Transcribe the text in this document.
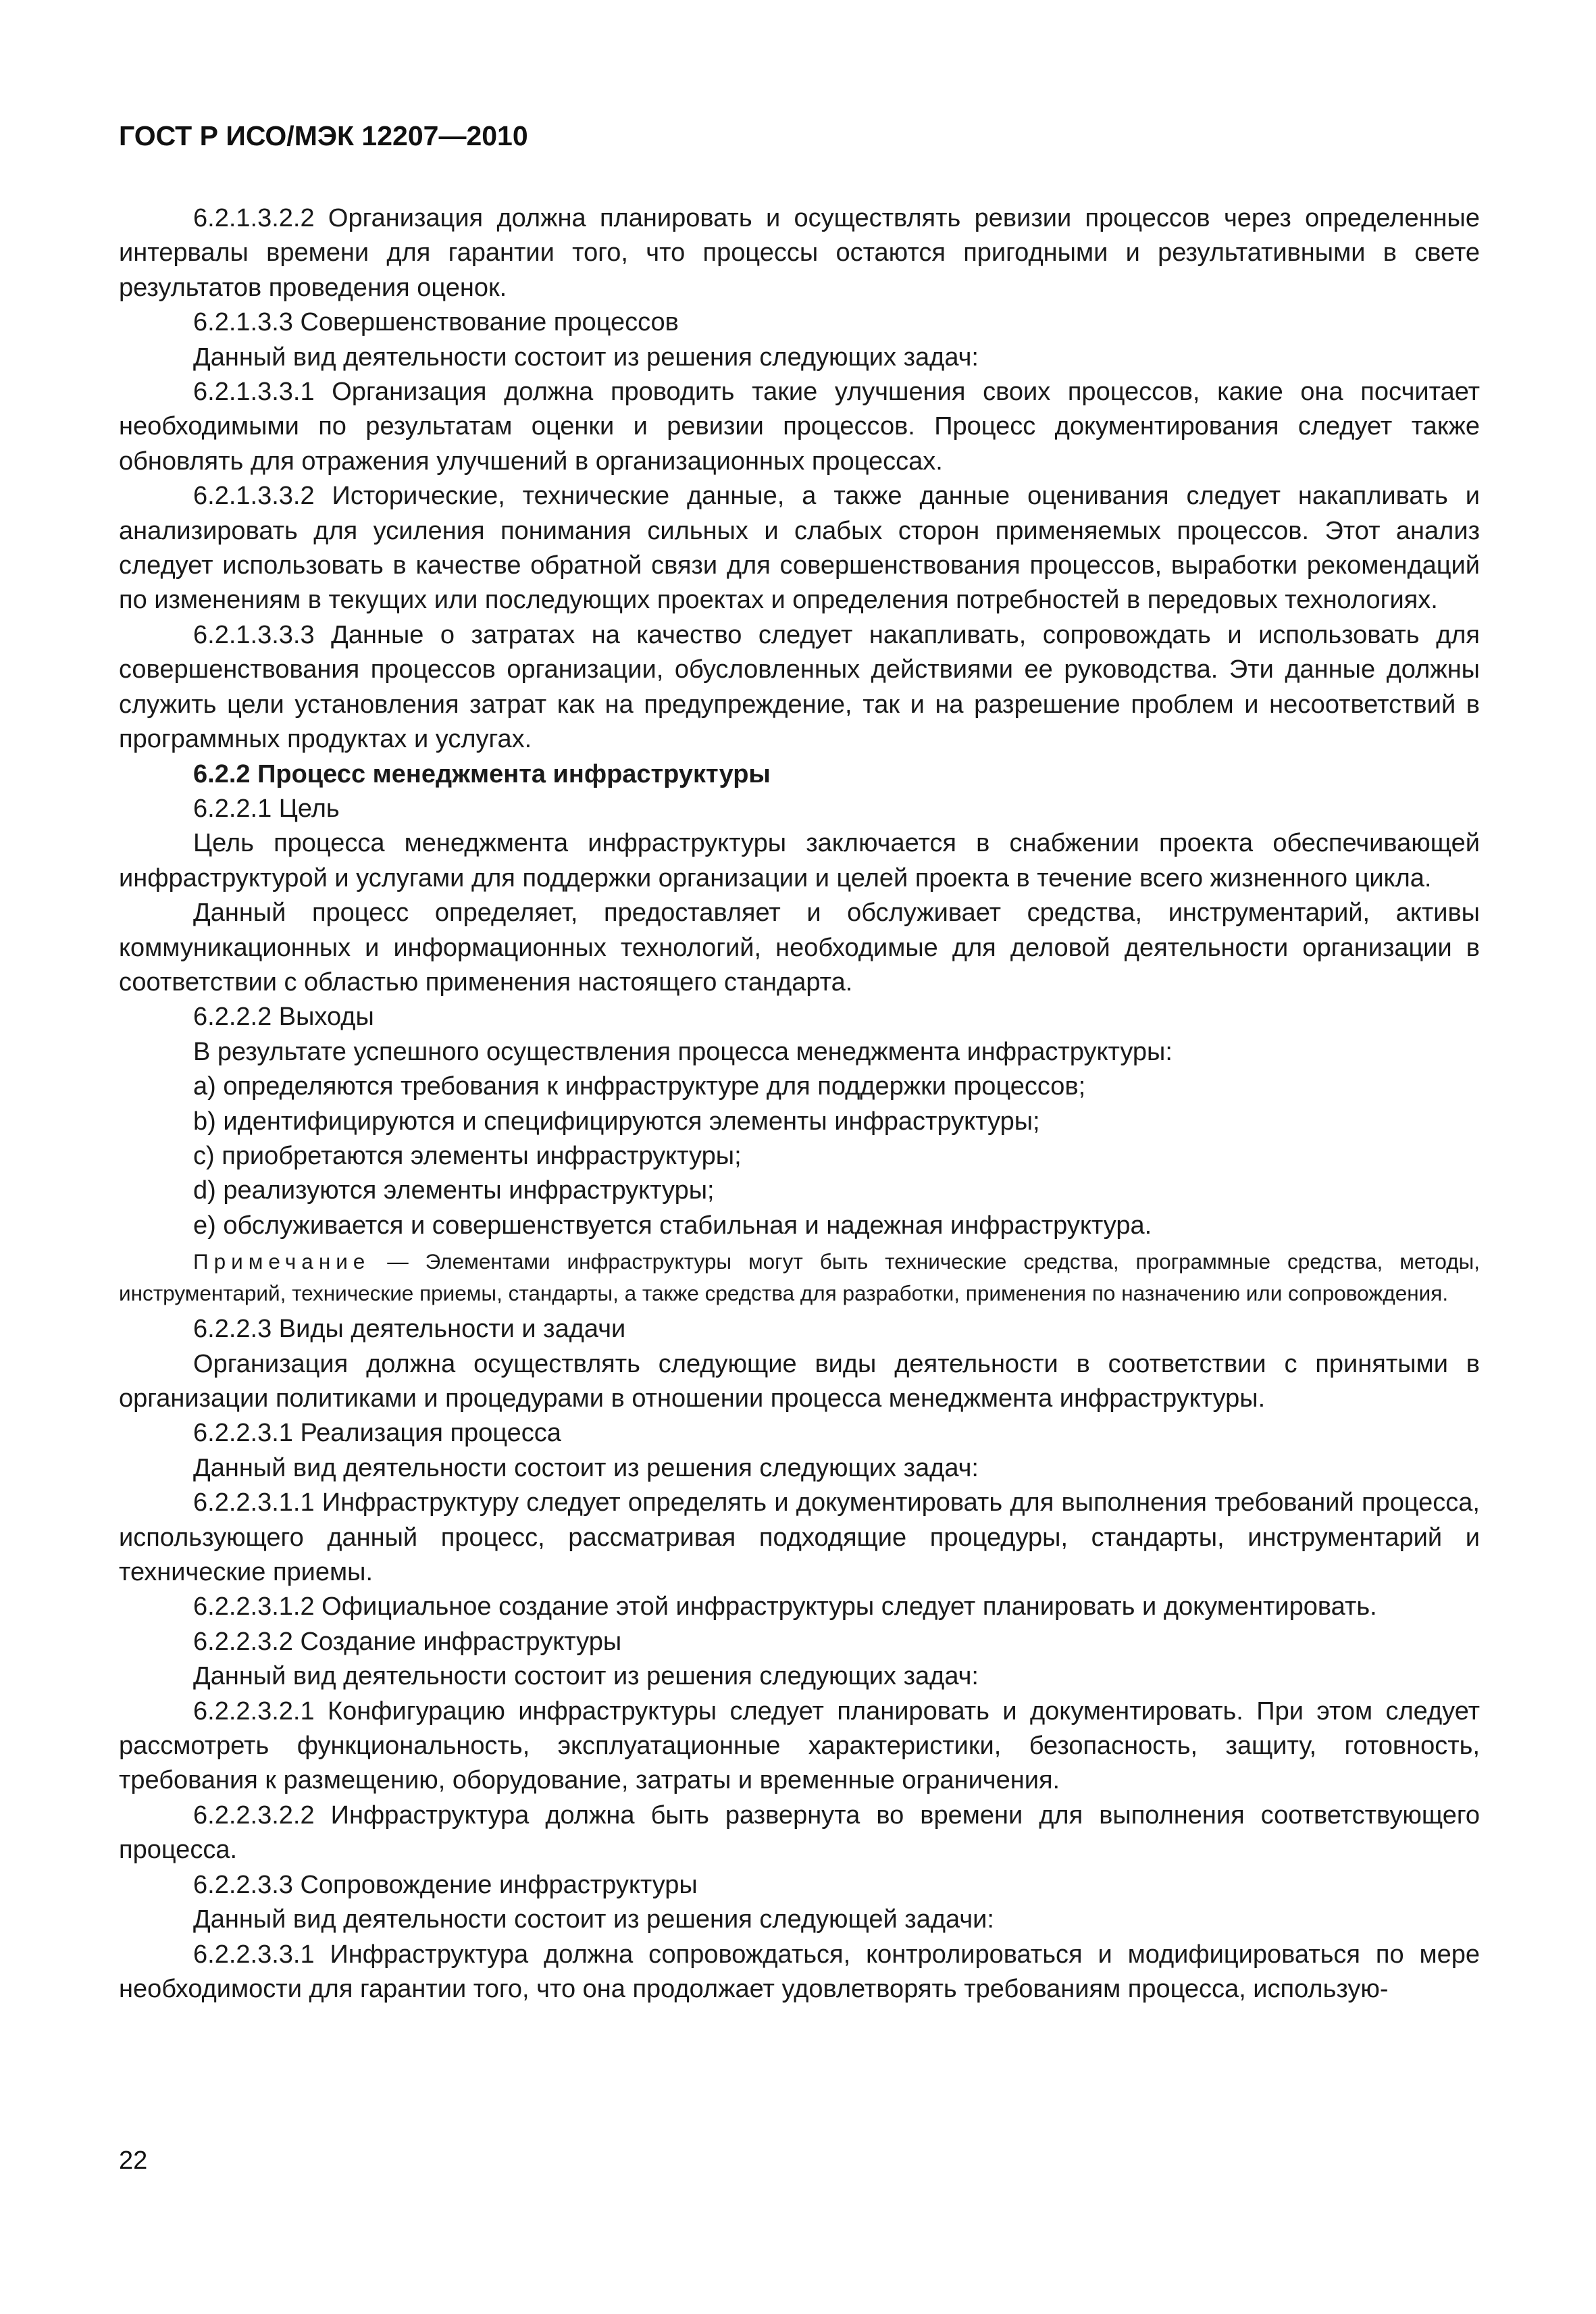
ГОСТ Р ИСО/МЭК 12207—2010

6.2.1.3.2.2 Организация должна планировать и осуществлять ревизии процессов через определенные интервалы времени для гарантии того, что процессы остаются пригодными и результативными в свете результатов проведения оценок.

6.2.1.3.3 Совершенствование процессов

Данный вид деятельности состоит из решения следующих задач:

6.2.1.3.3.1 Организация должна проводить такие улучшения своих процессов, какие она посчитает необходимыми по результатам оценки и ревизии процессов. Процесс документирования следует также обновлять для отражения улучшений в организационных процессах.

6.2.1.3.3.2 Исторические, технические данные, а также данные оценивания следует накапливать и анализировать для усиления понимания сильных и слабых сторон применяемых процессов. Этот анализ следует использовать в качестве обратной связи для совершенствования процессов, выработки рекомендаций по изменениям в текущих или последующих проектах и определения потребностей в передовых технологиях.

6.2.1.3.3.3 Данные о затратах на качество следует накапливать, сопровождать и использовать для совершенствования процессов организации, обусловленных действиями ее руководства. Эти данные должны служить цели установления затрат как на предупреждение, так и на разрешение проблем и несоответствий в программных продуктах и услугах.

6.2.2 Процесс менеджмента инфраструктуры

6.2.2.1 Цель

Цель процесса менеджмента инфраструктуры заключается в снабжении проекта обеспечивающей инфраструктурой и услугами для поддержки организации и целей проекта в течение всего жизненного цикла.

Данный процесс определяет, предоставляет и обслуживает средства, инструментарий, активы коммуникационных и информационных технологий, необходимые для деловой деятельности организации в соответствии с областью применения настоящего стандарта.

6.2.2.2 Выходы

В результате успешного осуществления процесса менеджмента инфраструктуры:

a) определяются требования к инфраструктуре для поддержки процессов;

b) идентифицируются и специфицируются элементы инфраструктуры;

c) приобретаются элементы инфраструктуры;

d) реализуются элементы инфраструктуры;

e) обслуживается и совершенствуется стабильная и надежная инфраструктура.

Примечание — Элементами инфраструктуры могут быть технические средства, программные средства, методы, инструментарий, технические приемы, стандарты, а также средства для разработки, применения по назначению или сопровождения.

6.2.2.3 Виды деятельности и задачи

Организация должна осуществлять следующие виды деятельности в соответствии с принятыми в организации политиками и процедурами в отношении процесса менеджмента инфраструктуры.

6.2.2.3.1 Реализация процесса

Данный вид деятельности состоит из решения следующих задач:

6.2.2.3.1.1 Инфраструктуру следует определять и документировать для выполнения требований процесса, использующего данный процесс, рассматривая подходящие процедуры, стандарты, инструментарий и технические приемы.

6.2.2.3.1.2 Официальное создание этой инфраструктуры следует планировать и документировать.

6.2.2.3.2 Создание инфраструктуры

Данный вид деятельности состоит из решения следующих задач:

6.2.2.3.2.1 Конфигурацию инфраструктуры следует планировать и документировать. При этом следует рассмотреть функциональность, эксплуатационные характеристики, безопасность, защиту, готовность, требования к размещению, оборудование, затраты и временные ограничения.

6.2.2.3.2.2 Инфраструктура должна быть развернута во времени для выполнения соответствующего процесса.

6.2.2.3.3 Сопровождение инфраструктуры

Данный вид деятельности состоит из решения следующей задачи:

6.2.2.3.3.1 Инфраструктура должна сопровождаться, контролироваться и модифицироваться по мере необходимости для гарантии того, что она продолжает удовлетворять требованиям процесса, использую-

22
